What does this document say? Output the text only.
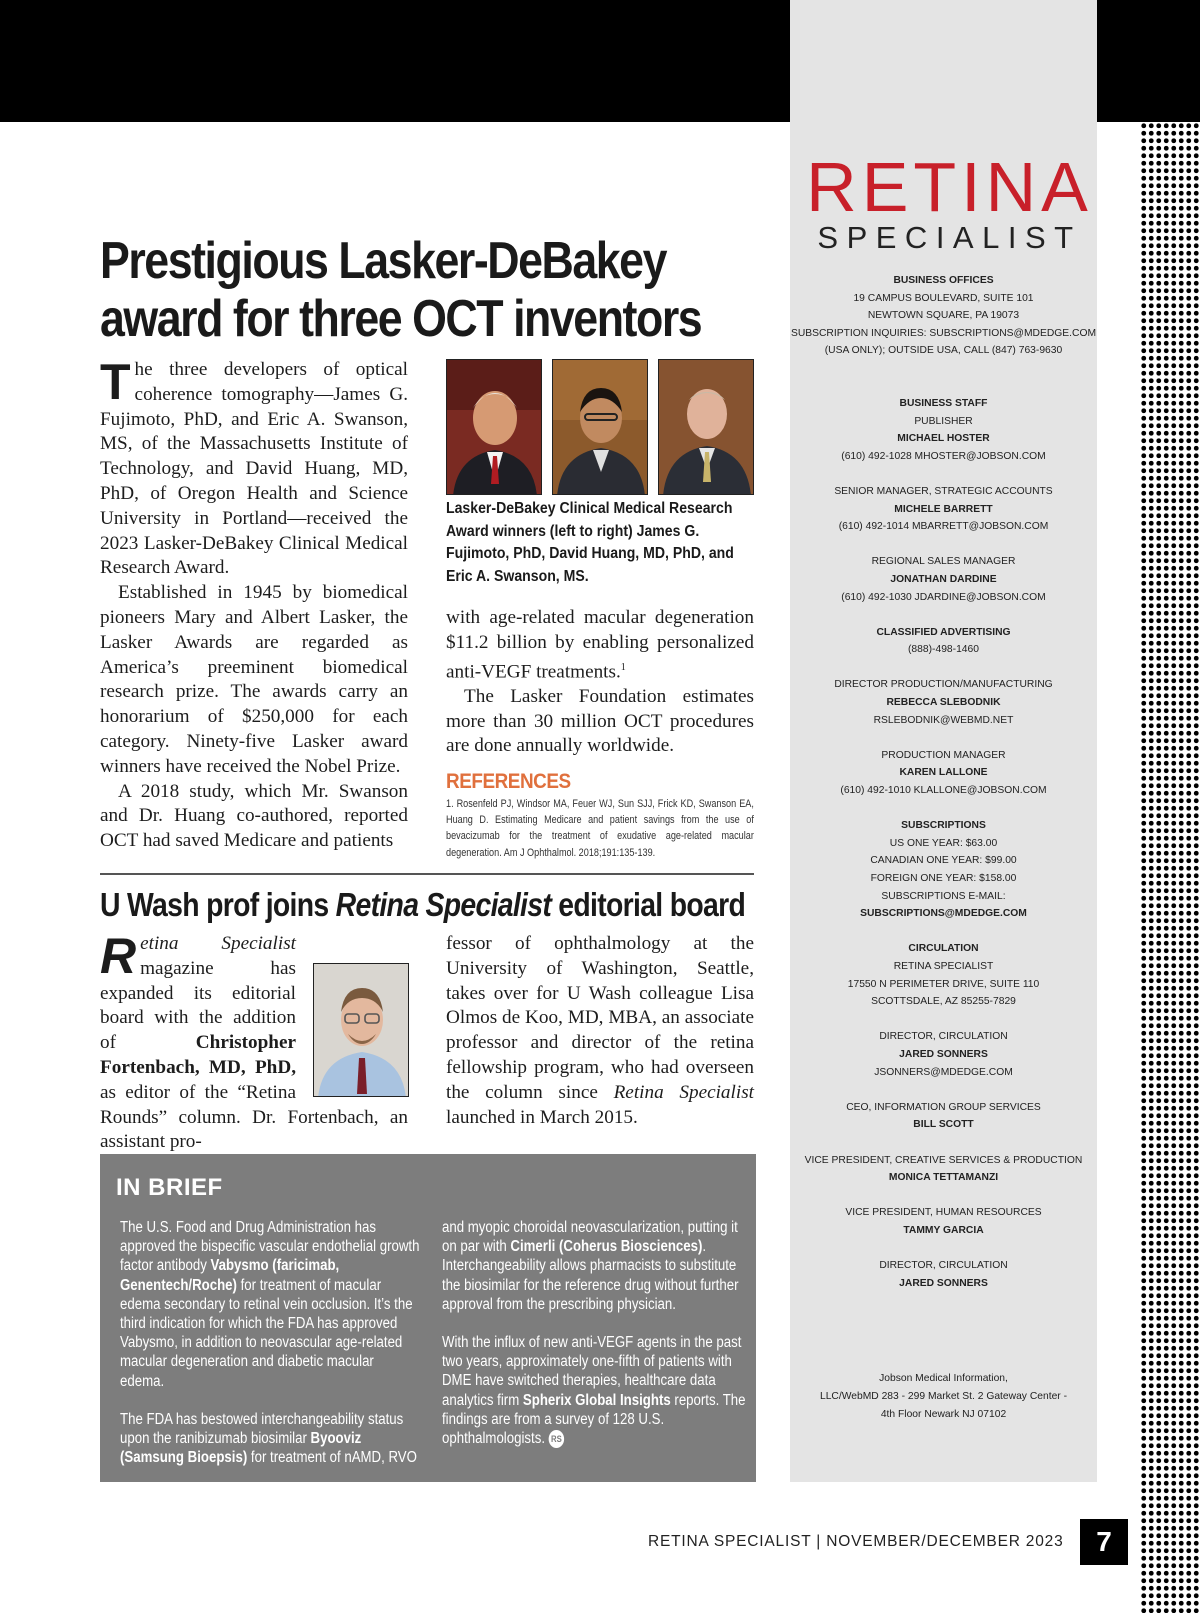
Prestigious Lasker-DeBakey
award for three OCT inventors

The three developers of optical coherence tomography—James G. Fujimoto, PhD, and Eric A. Swanson, MS, of the Massachusetts Institute of Technology, and David Huang, MD, PhD, of Oregon Health and Science University in Portland—received the 2023 Lasker-DeBakey Clinical Medical Research Award.

Established in 1945 by biomedical pioneers Mary and Albert Lasker, the Lasker Awards are regarded as America’s preeminent biomedical research prize. The awards carry an honorarium of $250,000 for each category. Ninety-five Lasker award winners have received the Nobel Prize.

A 2018 study, which Mr. Swanson and Dr. Huang co-authored, reported OCT had saved Medicare and patients

Lasker-DeBakey Clinical Medical Research Award winners (left to right) James G. Fujimoto, PhD, David Huang, MD, PhD, and Eric A. Swanson, MS.

with age-related macular degeneration $11.2 billion by enabling personalized anti-VEGF treatments.$^1$

The Lasker Foundation estimates more than 30 million OCT procedures are done annually worldwide.

REFERENCES
1. Rosenfeld PJ, Windsor MA, Feuer WJ, Sun SJJ, Frick KD, Swanson EA, Huang D. Estimating Medicare and patient savings from the use of bevacizumab for the treatment of exudative age-related macular degeneration. Am J Ophthalmol. 2018;191:135-139.
U Wash prof joins Retina Specialist editorial board

Retina Specialist magazine has expanded its editorial board with the addition of Christopher Fortenbach, MD, PhD, as editor of the “Retina Rounds” column. Dr. Fortenbach, an assistant pro-

fessor of ophthalmology at the University of Washington, Seattle, takes over for U Wash colleague Lisa Olmos de Koo, MD, MBA, an associate professor and director of the retina fellowship program, who had overseen the column since Retina Specialist launched in March 2015.

IN BRIEF

The U.S. Food and Drug Administration has approved the bispecific vascular endothelial growth factor antibody Vabysmo (faricimab, Genentech/Roche) for treatment of macular edema secondary to retinal vein occlusion. It’s the third indication for which the FDA has approved Vabysmo, in addition to neovascular age-related macular degeneration and diabetic macular edema.

The FDA has bestowed interchangeability status upon the ranibizumab biosimilar Byooviz (Samsung Bioepsis) for treatment of nAMD, RVO

and myopic choroidal neovascularization, putting it on par with Cimerli (Coherus Biosciences). Interchangeability allows pharmacists to substitute the biosimilar for the reference drug without further approval from the prescribing physician.

With the influx of new anti-VEGF agents in the past two years, approximately one-fifth of patients with DME have switched therapies, healthcare data analytics firm Spherix Global Insights reports. The findings are from a survey of 128 U.S. ophthalmologists. RS

RETINA
SPECIALIST
BUSINESS OFFICES
19 CAMPUS BOULEVARD, SUITE 101
NEWTOWN SQUARE, PA 19073
SUBSCRIPTION INQUIRIES: SUBSCRIPTIONS@MDEDGE.COM
(USA ONLY); OUTSIDE USA, CALL (847) 763-9630
BUSINESS STAFF
PUBLISHER
MICHAEL HOSTER
(610) 492-1028 MHOSTER@JOBSON.COM
SENIOR MANAGER, STRATEGIC ACCOUNTS
MICHELE BARRETT
(610) 492-1014 MBARRETT@JOBSON.COM
REGIONAL SALES MANAGER
JONATHAN DARDINE
(610) 492-1030 JDARDINE@JOBSON.COM
CLASSIFIED ADVERTISING
(888)-498-1460
DIRECTOR PRODUCTION/MANUFACTURING
REBECCA SLEBODNIK
RSLEBODNIK@WEBMD.NET
PRODUCTION MANAGER
KAREN LALLONE
(610) 492-1010 KLALLONE@JOBSON.COM
SUBSCRIPTIONS
US ONE YEAR: $63.00
CANADIAN ONE YEAR: $99.00
FOREIGN ONE YEAR: $158.00
SUBSCRIPTIONS E-MAIL:
SUBSCRIPTIONS@MDEDGE.COM
CIRCULATION
RETINA SPECIALIST
17550 N PERIMETER DRIVE, SUITE 110
SCOTTSDALE, AZ 85255-7829
DIRECTOR, CIRCULATION
JARED SONNERS
JSONNERS@MDEDGE.COM
CEO, INFORMATION GROUP SERVICES
BILL SCOTT
VICE PRESIDENT, CREATIVE SERVICES & PRODUCTION
MONICA TETTAMANZI
VICE PRESIDENT, HUMAN RESOURCES
TAMMY GARCIA
DIRECTOR, CIRCULATION
JARED SONNERS
Jobson Medical Information,
LLC/WebMD 283 - 299 Market St. 2 Gateway Center -
4th Floor Newark NJ 07102
RETINA SPECIALIST | NOVEMBER/DECEMBER 2023	7
